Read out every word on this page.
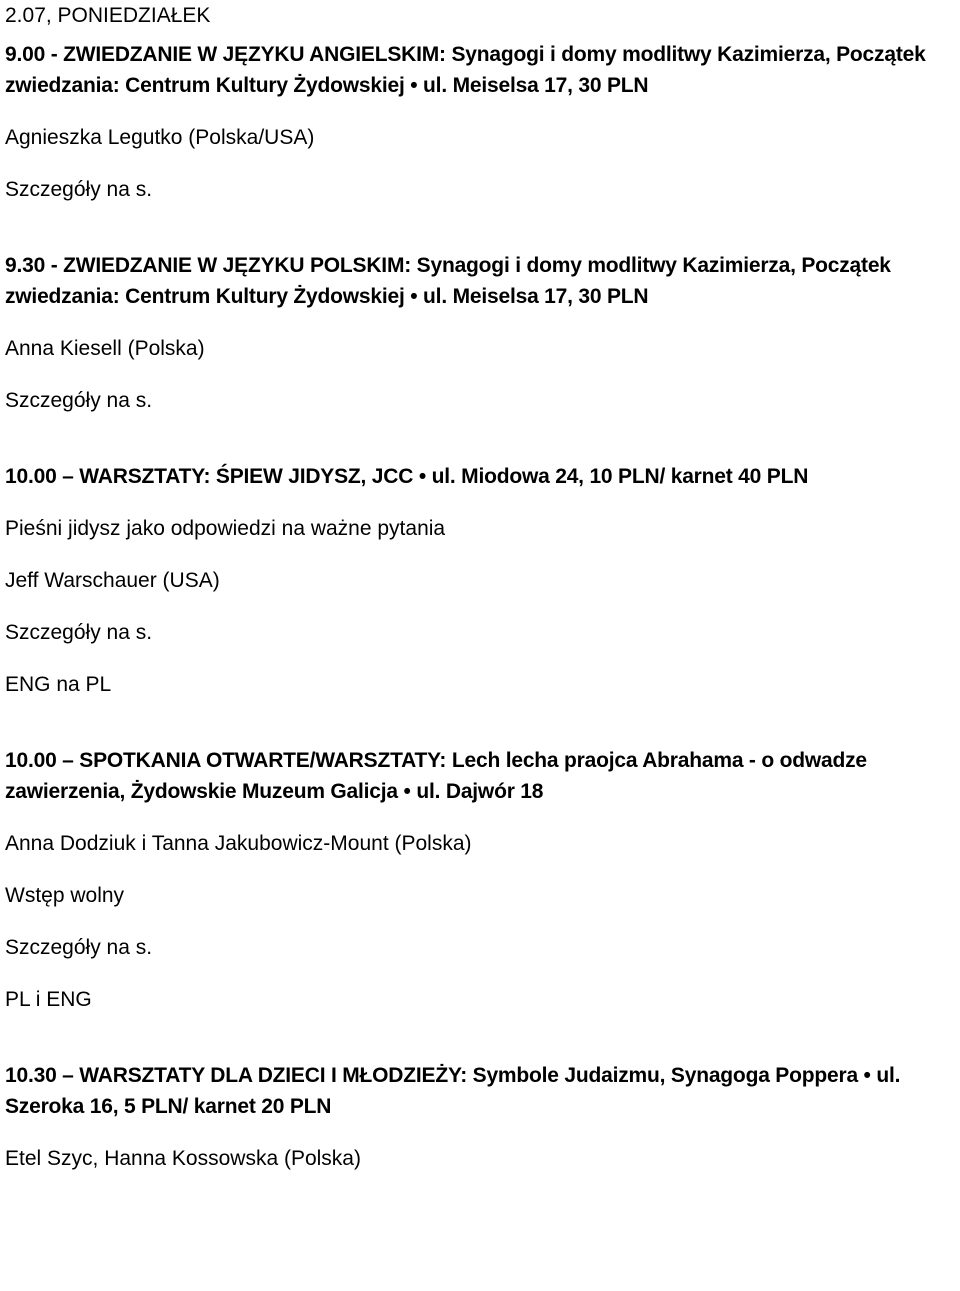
2.07, PONIEDZIAŁEK
9.00 - ZWIEDZANIE W JĘZYKU ANGIELSKIM: Synagogi i domy modlitwy Kazimierza, Początek
zwiedzania: Centrum Kultury Żydowskiej • ul. Meiselsa 17, 30 PLN
Agnieszka Legutko (Polska/USA)
Szczegóły na s.
9.30 - ZWIEDZANIE W JĘZYKU POLSKIM: Synagogi i domy modlitwy Kazimierza, Początek
zwiedzania: Centrum Kultury Żydowskiej • ul. Meiselsa 17, 30 PLN
Anna Kiesell (Polska)
Szczegóły na s.
10.00 – WARSZTATY: ŚPIEW JIDYSZ, JCC • ul. Miodowa 24, 10 PLN/ karnet 40 PLN
Pieśni jidysz jako odpowiedzi na ważne pytania
Jeff Warschauer (USA)
Szczegóły na s.
ENG na PL
10.00 – SPOTKANIA OTWARTE/WARSZTATY: Lech lecha praojca Abrahama - o odwadze
zawierzenia, Żydowskie Muzeum Galicja • ul. Dajwór 18
Anna Dodziuk i Tanna Jakubowicz-Mount (Polska)
Wstęp wolny
Szczegóły na s.
PL i ENG
10.30 – WARSZTATY DLA DZIECI I MŁODZIEŻY: Symbole Judaizmu, Synagoga Poppera • ul.
Szeroka 16, 5 PLN/ karnet 20 PLN
Etel Szyc, Hanna Kossowska (Polska)
